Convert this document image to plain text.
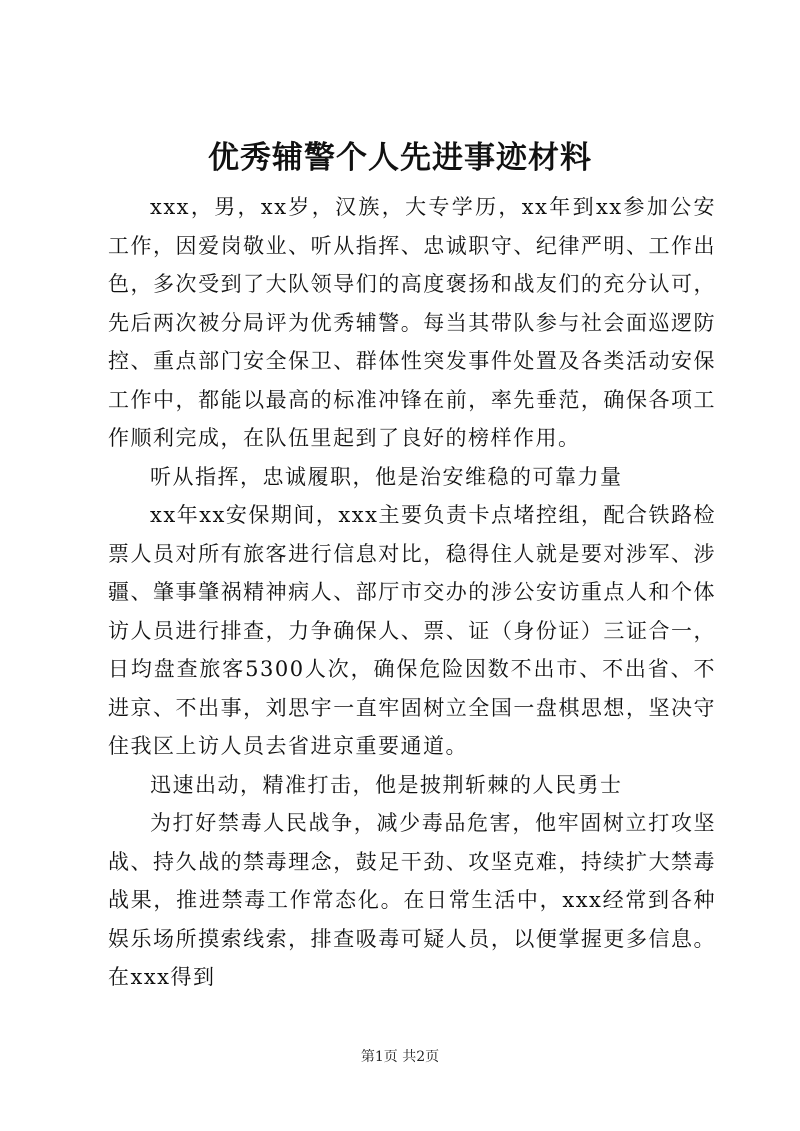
优秀辅警个人先进事迹材料

xxx，男，xx岁，汉族，大专学历，xx年到xx参加公安工作，因爱岗敬业、听从指挥、忠诚职守、纪律严明、工作出色，多次受到了大队领导们的高度褒扬和战友们的充分认可，先后两次被分局评为优秀辅警。每当其带队参与社会面巡逻防控、重点部门安全保卫、群体性突发事件处置及各类活动安保工作中，都能以最高的标准冲锋在前，率先垂范，确保各项工作顺利完成，在队伍里起到了良好的榜样作用。

听从指挥，忠诚履职，他是治安维稳的可靠力量

xx年xx安保期间，xxx主要负责卡点堵控组，配合铁路检票人员对所有旅客进行信息对比，稳得住人就是要对涉军、涉疆、肇事肇祸精神病人、部厅市交办的涉公安访重点人和个体访人员进行排查，力争确保人、票、证（身份证）三证合一，日均盘查旅客5300人次，确保危险因数不出市、不出省、不进京、不出事，刘思宇一直牢固树立全国一盘棋思想，坚决守住我区上访人员去省进京重要通道。

迅速出动，精准打击，他是披荆斩棘的人民勇士

为打好禁毒人民战争，减少毒品危害，他牢固树立打攻坚战、持久战的禁毒理念，鼓足干劲、攻坚克难，持续扩大禁毒战果，推进禁毒工作常态化。在日常生活中，xxx经常到各种娱乐场所摸索线索，排查吸毒可疑人员，以便掌握更多信息。在xxx得到

第1页 共2页
